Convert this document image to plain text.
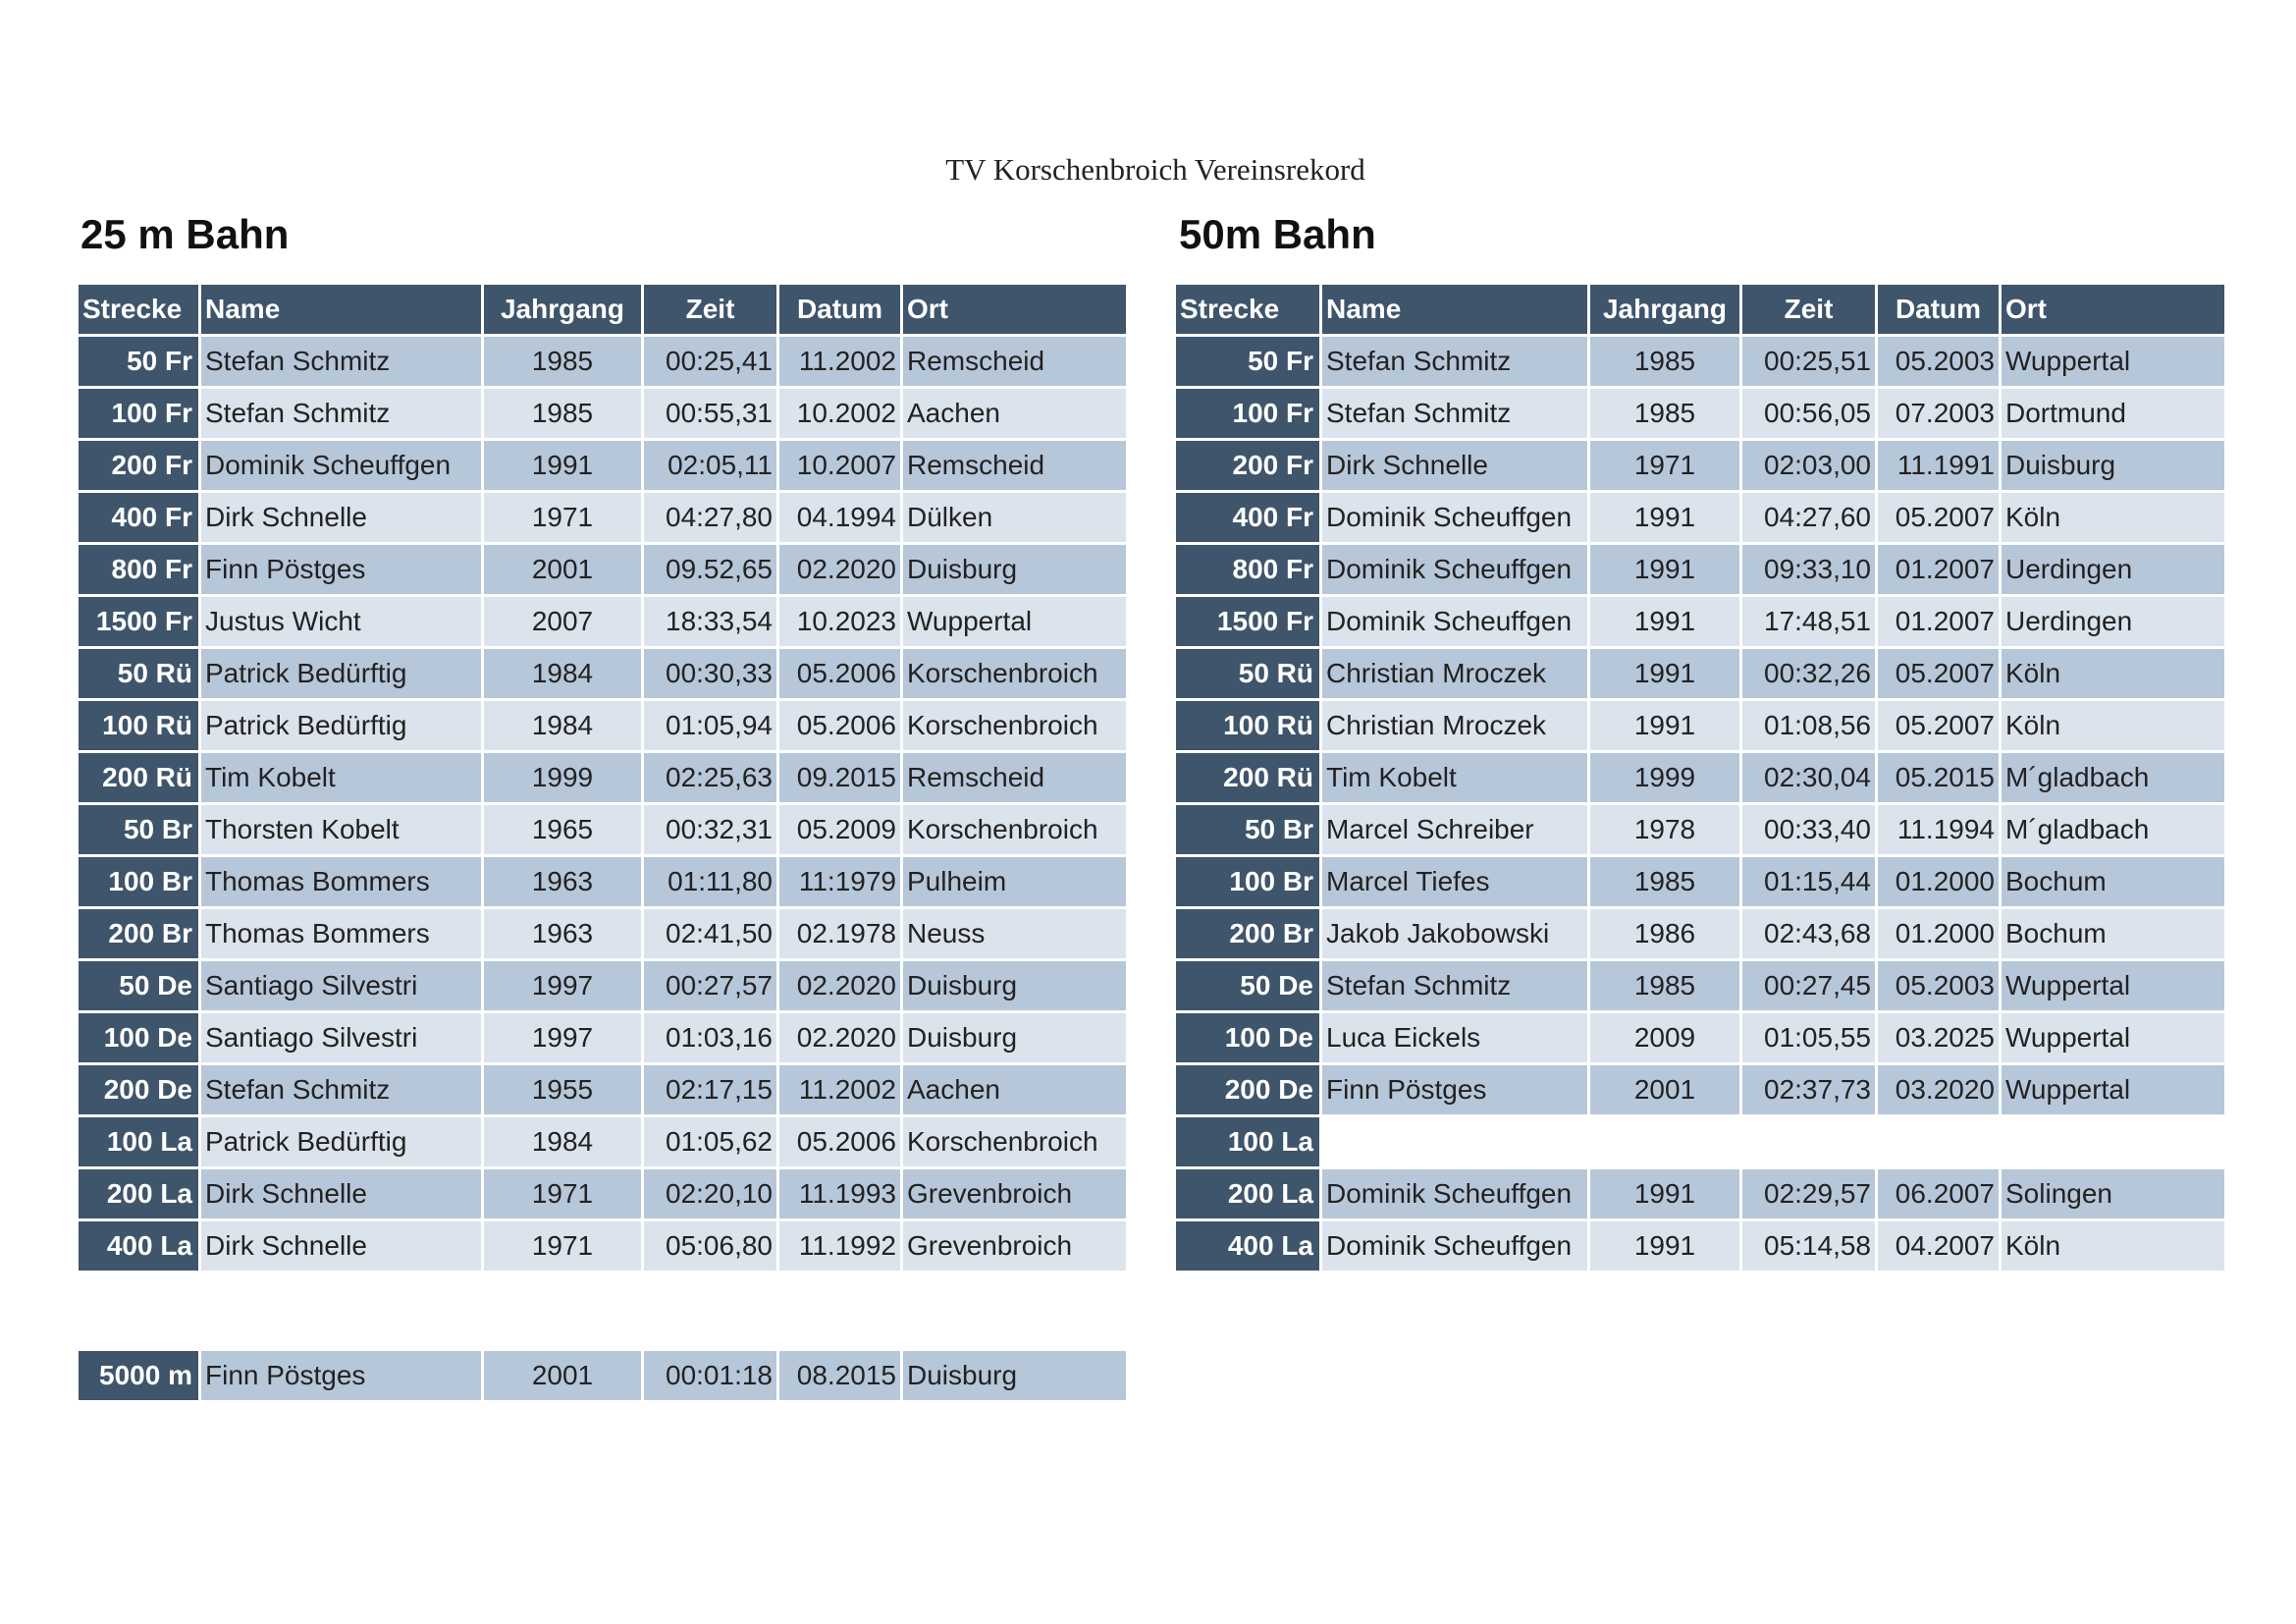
TV Korschenbroich Vereinsrekord
25 m Bahn	50m Bahn
Strecke	Name	Jahrgang	Zeit	Datum	Ort
50 Fr	Stefan Schmitz	1985	00:25,41	11.2002	Remscheid
100 Fr	Stefan Schmitz	1985	00:55,31	10.2002	Aachen
200 Fr	Dominik Scheuffgen	1991	02:05,11	10.2007	Remscheid
400 Fr	Dirk Schnelle	1971	04:27,80	04.1994	Dülken
800 Fr	Finn Pöstges	2001	09.52,65	02.2020	Duisburg
1500 Fr	Justus Wicht	2007	18:33,54	10.2023	Wuppertal
50 Rü	Patrick Bedürftig	1984	00:30,33	05.2006	Korschenbroich
100 Rü	Patrick Bedürftig	1984	01:05,94	05.2006	Korschenbroich
200 Rü	Tim Kobelt	1999	02:25,63	09.2015	Remscheid
50 Br	Thorsten Kobelt	1965	00:32,31	05.2009	Korschenbroich
100 Br	Thomas Bommers	1963	01:11,80	11:1979	Pulheim
200 Br	Thomas Bommers	1963	02:41,50	02.1978	Neuss
50 De	Santiago Silvestri	1997	00:27,57	02.2020	Duisburg
100 De	Santiago Silvestri	1997	01:03,16	02.2020	Duisburg
200 De	Stefan Schmitz	1955	02:17,15	11.2002	Aachen
100 La	Patrick Bedürftig	1984	01:05,62	05.2006	Korschenbroich
200 La	Dirk Schnelle	1971	02:20,10	11.1993	Grevenbroich
400 La	Dirk Schnelle	1971	05:06,80	11.1992	Grevenbroich
5000 m	Finn Pöstges	2001	00:01:18	08.2015	Duisburg
Strecke	Name	Jahrgang	Zeit	Datum	Ort
50 Fr	Stefan Schmitz	1985	00:25,51	05.2003	Wuppertal
100 Fr	Stefan Schmitz	1985	00:56,05	07.2003	Dortmund
200 Fr	Dirk Schnelle	1971	02:03,00	11.1991	Duisburg
400 Fr	Dominik Scheuffgen	1991	04:27,60	05.2007	Köln
800 Fr	Dominik Scheuffgen	1991	09:33,10	01.2007	Uerdingen
1500 Fr	Dominik Scheuffgen	1991	17:48,51	01.2007	Uerdingen
50 Rü	Christian Mroczek	1991	00:32,26	05.2007	Köln
100 Rü	Christian Mroczek	1991	01:08,56	05.2007	Köln
200 Rü	Tim Kobelt	1999	02:30,04	05.2015	M´gladbach
50 Br	Marcel Schreiber	1978	00:33,40	11.1994	M´gladbach
100 Br	Marcel Tiefes	1985	01:15,44	01.2000	Bochum
200 Br	Jakob Jakobowski	1986	02:43,68	01.2000	Bochum
50 De	Stefan Schmitz	1985	00:27,45	05.2003	Wuppertal
100 De	Luca Eickels	2009	01:05,55	03.2025	Wuppertal
200 De	Finn Pöstges	2001	02:37,73	03.2020	Wuppertal
100 La					
200 La	Dominik Scheuffgen	1991	02:29,57	06.2007	Solingen
400 La	Dominik Scheuffgen	1991	05:14,58	04.2007	Köln
